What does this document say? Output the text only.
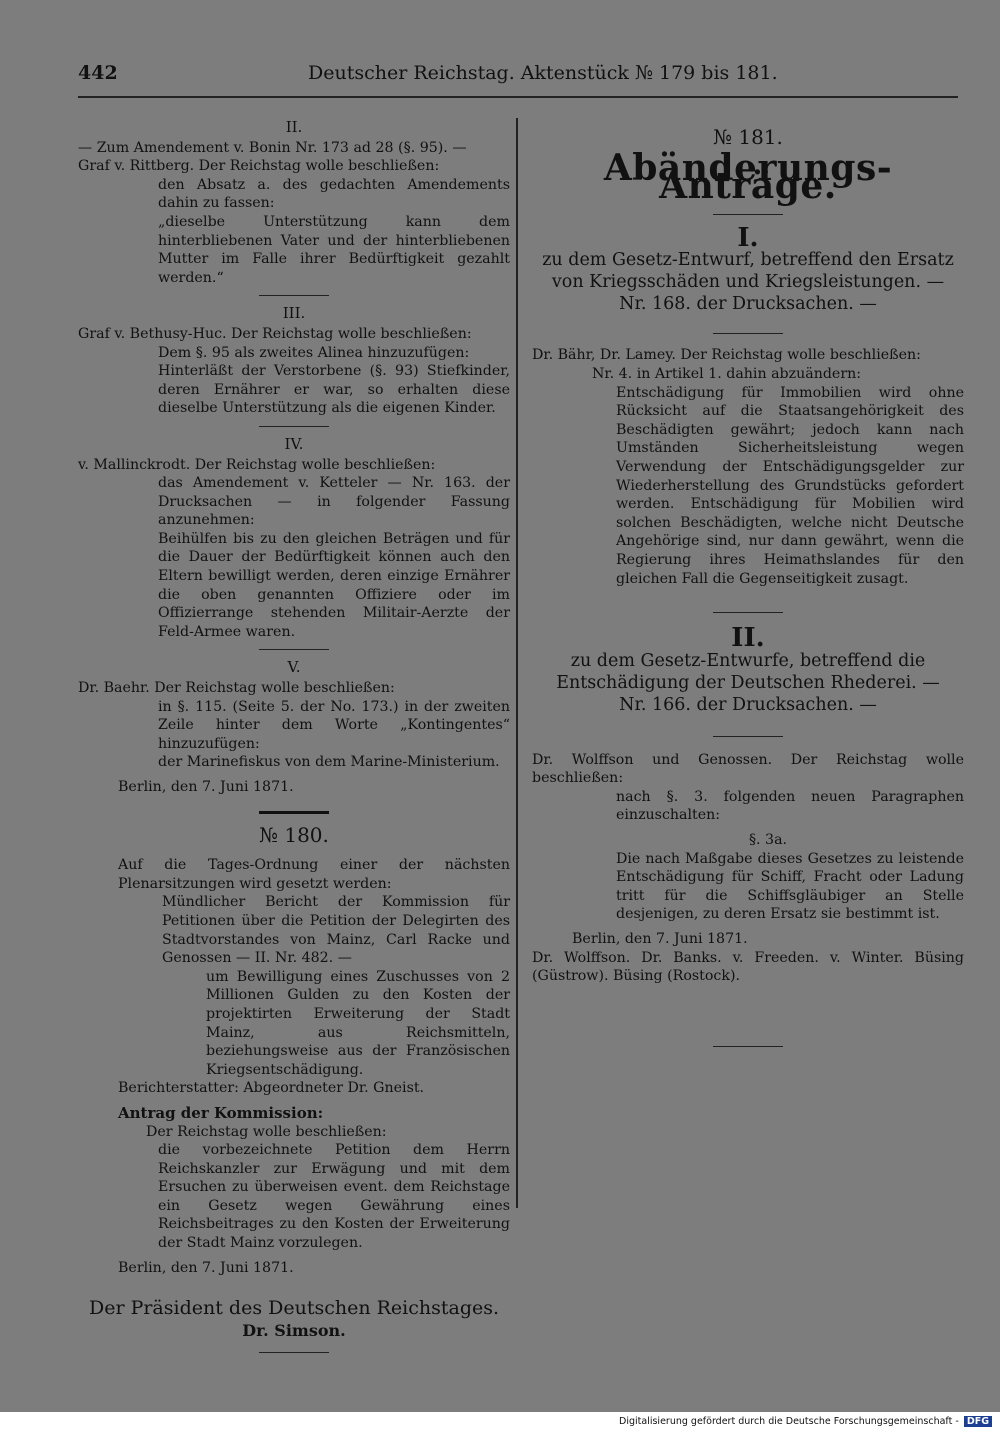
442	Deutscher Reichstag. Aktenstück № 179 bis 181.
II.

— Zum Amendement v. Bonin Nr. 173 ad 28 (§. 95). —

Graf v. Rittberg. Der Reichstag wolle beschließen:

den Absatz a. des gedachten Amendements dahin zu fassen:

„dieselbe Unterstützung kann dem hinterbliebenen Vater und der hinterbliebenen Mutter im Falle ihrer Bedürftigkeit gezahlt werden.“

III.

Graf v. Bethusy-Huc. Der Reichstag wolle beschließen:

Dem §. 95 als zweites Alinea hinzuzufügen:

Hinterläßt der Verstorbene (§. 93) Stiefkinder, deren Ernährer er war, so erhalten diese dieselbe Unterstützung als die eigenen Kinder.

IV.

v. Mallinckrodt. Der Reichstag wolle beschließen:

das Amendement v. Ketteler — Nr. 163. der Drucksachen — in folgender Fassung anzunehmen:

Beihülfen bis zu den gleichen Beträgen und für die Dauer der Bedürftigkeit können auch den Eltern bewilligt werden, deren einzige Ernährer die oben genannten Offiziere oder im Offizierrange stehenden Militair-Aerzte der Feld-Armee waren.

V.

Dr. Baehr. Der Reichstag wolle beschließen:

in §. 115. (Seite 5. der No. 173.) in der zweiten Zeile hinter dem Worte „Kontingentes“ hinzuzufügen:

der Marinefiskus von dem Marine-Ministerium.

Berlin, den 7. Juni 1871.

№ 180.

Auf die Tages-Ordnung einer der nächsten Plenarsitzungen wird gesetzt werden:

Mündlicher Bericht der Kommission für Petitionen über die Petition der Delegirten des Stadtvorstandes von Mainz, Carl Racke und Genossen — II. Nr. 482. —

um Bewilligung eines Zuschusses von 2 Millionen Gulden zu den Kosten der projektirten Erweiterung der Stadt Mainz, aus Reichsmitteln, beziehungsweise aus der Französischen Kriegsentschädigung.

Berichterstatter: Abgeordneter Dr. Gneist.

Antrag der Kommission:

Der Reichstag wolle beschließen:

die vorbezeichnete Petition dem Herrn Reichskanzler zur Erwägung und mit dem Ersuchen zu überweisen event. dem Reichstage ein Gesetz wegen Gewährung eines Reichsbeitrages zu den Kosten der Erweiterung der Stadt Mainz vorzulegen.

Berlin, den 7. Juni 1871.

Der Präsident des Deutschen Reichstages.
Dr. Simson.
№ 181.
Abänderungs-Anträge.
I.

zu dem Gesetz-Entwurf, betreffend den Ersatz von Kriegsschäden und Kriegsleistungen. — Nr. 168. der Drucksachen. —

Dr. Bähr, Dr. Lamey. Der Reichstag wolle beschließen:

Nr. 4. in Artikel 1. dahin abzuändern:

Entschädigung für Immobilien wird ohne Rücksicht auf die Staatsangehörigkeit des Beschädigten gewährt; jedoch kann nach Umständen Sicherheitsleistung wegen Verwendung der Entschädigungsgelder zur Wiederherstellung des Grundstücks gefordert werden. Entschädigung für Mobilien wird solchen Beschädigten, welche nicht Deutsche Angehörige sind, nur dann gewährt, wenn die Regierung ihres Heimathslandes für den gleichen Fall die Gegenseitigkeit zusagt.

II.

zu dem Gesetz-Entwurfe, betreffend die Entschädigung der Deutschen Rhederei. — Nr. 166. der Drucksachen. —

Dr. Wolffson und Genossen. Der Reichstag wolle beschließen:

nach §. 3. folgenden neuen Paragraphen einzuschalten:

§. 3a.

Die nach Maßgabe dieses Gesetzes zu leistende Entschädigung für Schiff, Fracht oder Ladung tritt für die Schiffsgläubiger an Stelle desjenigen, zu deren Ersatz sie bestimmt ist.

Berlin, den 7. Juni 1871.

Dr. Wolffson. Dr. Banks. v. Freeden. v. Winter. Büsing (Güstrow). Büsing (Rostock).

Digitalisierung gefördert durch die Deutsche Forschungsgemeinschaft - DFG
